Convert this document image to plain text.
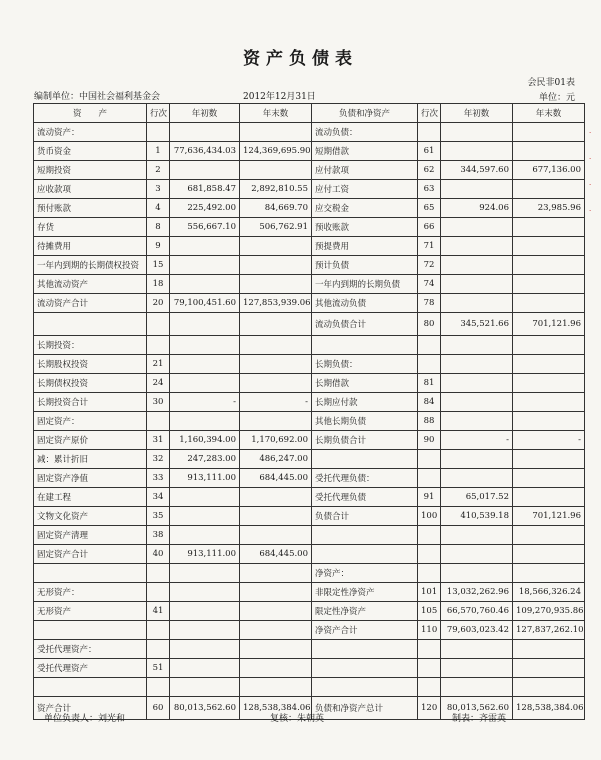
资产负债表
会民非01表
编制单位：中国社会福利基金会	2012年12月31日	单位：元
资　　产	行次	年初数	年末数	负债和净资产	行次	年初数	年末数
流动资产：				流动负债：			
货币资金	1	77,636,434.03	124,369,695.90	短期借款	61		
短期投资	2			应付款项	62	344,597.60	677,136.00
应收款项	3	681,858.47	2,892,810.55	应付工资	63		
预付账款	4	225,492.00	84,669.70	应交税金	65	924.06	23,985.96
存货	8	556,667.10	506,762.91	预收账款	66		
待摊费用	9			预提费用	71		
一年内到期的长期债权投资	15			预计负债	72		
其他流动资产	18			一年内到期的长期负债	74		
流动资产合计	20	79,100,451.60	127,853,939.06	其他流动负债	78		
				流动负债合计	80	345,521.66	701,121.96
长期投资：							
长期股权投资	21			长期负债：			
长期债权投资	24			长期借款	81		
长期投资合计	30	-	-	长期应付款	84		
固定资产：				其他长期负债	88		
固定资产原价	31	1,160,394.00	1,170,692.00	长期负债合计	90	-	-
减：累计折旧	32	247,283.00	486,247.00				
固定资产净值	33	913,111.00	684,445.00	受托代理负债：			
在建工程	34			受托代理负债	91	65,017.52	
文物文化资产	35			负债合计	100	410,539.18	701,121.96
固定资产清理	38						
固定资产合计	40	913,111.00	684,445.00				
				净资产：			
无形资产：				非限定性净资产	101	13,032,262.96	18,566,326.24
无形资产	41			限定性净资产	105	66,570,760.46	109,270,935.86
				净资产合计	110	79,603,023.42	127,837,262.10
受托代理资产：							
受托代理资产	51						

资产合计	60	80,013,562.60	128,538,384.06	负债和净资产总计	120	80,013,562.60	128,538,384.06
·
·
·
·
单位负责人：刘光和	复核：朱朝英	制表：齐雷英
